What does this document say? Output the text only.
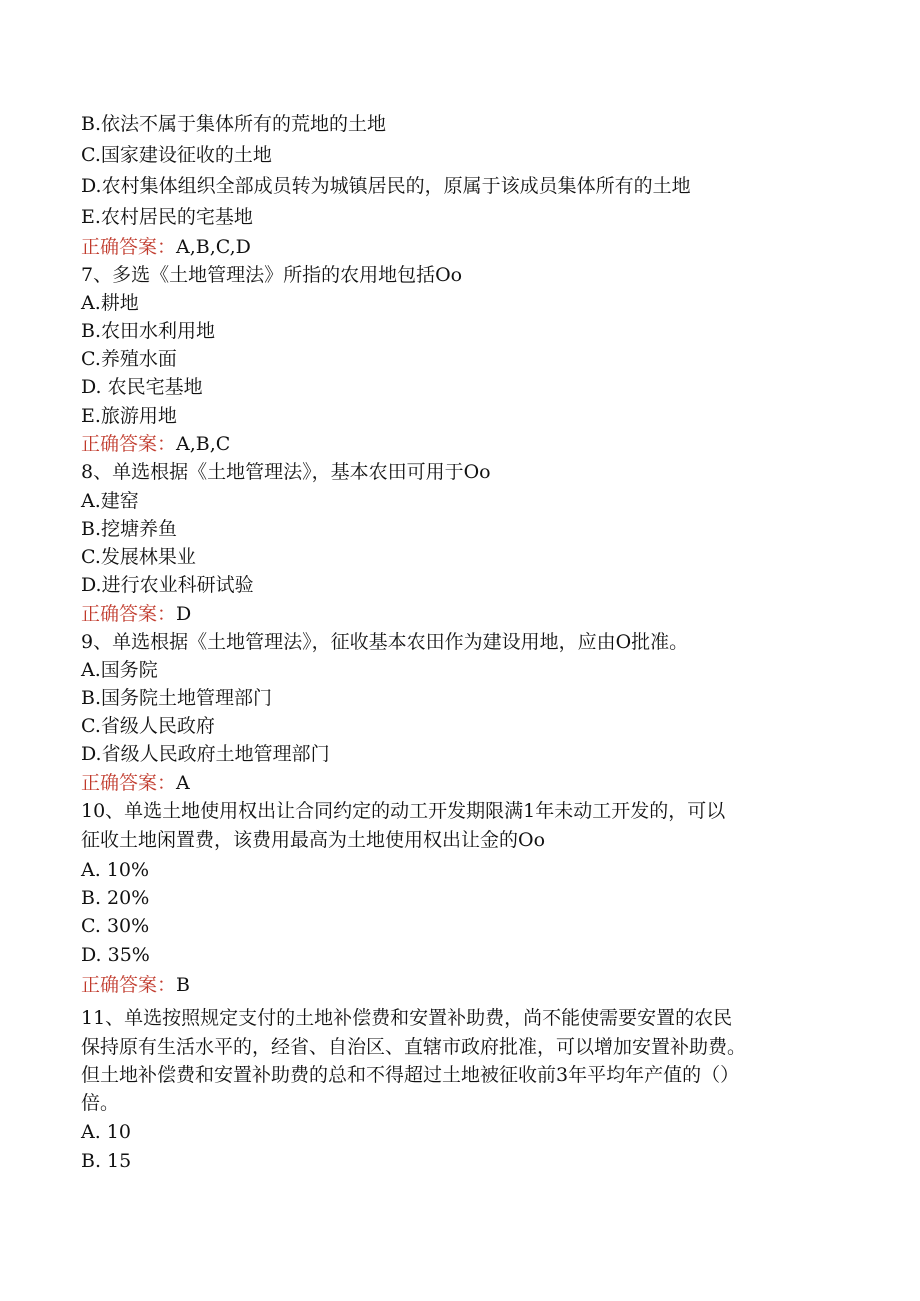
B.依法不属于集体所有的荒地的土地
C.国家建设征收的土地
D.农村集体组织全部成员转为城镇居民的，原属于该成员集体所有的土地
E.农村居民的宅基地
正确答案：A,B,C,D
7、多选《土地管理法》所指的农用地包括Oo
A.耕地
B.农田水利用地
C.养殖水面
D. 农民宅基地
E.旅游用地
正确答案：A,B,C
8、单选根据《土地管理法》，基本农田可用于Oo
A.建窑
B.挖塘养鱼
C.发展林果业
D.进行农业科研试验
正确答案：D
9、单选根据《土地管理法》，征收基本农田作为建设用地，应由O批准。
A.国务院
B.国务院土地管理部门
C.省级人民政府
D.省级人民政府土地管理部门
正确答案：A
10、单选土地使用权出让合同约定的动工开发期限满1年未动工开发的，可以
征收土地闲置费，该费用最高为土地使用权出让金的Oo
A. 10%
B. 20%
C. 30%
D. 35%
正确答案：B
11、单选按照规定支付的土地补偿费和安置补助费，尚不能使需要安置的农民
保持原有生活水平的，经省、自治区、直辖市政府批准，可以增加安置补助费。
但土地补偿费和安置补助费的总和不得超过土地被征收前3年平均年产值的（）
倍。
A. 10
B. 15
